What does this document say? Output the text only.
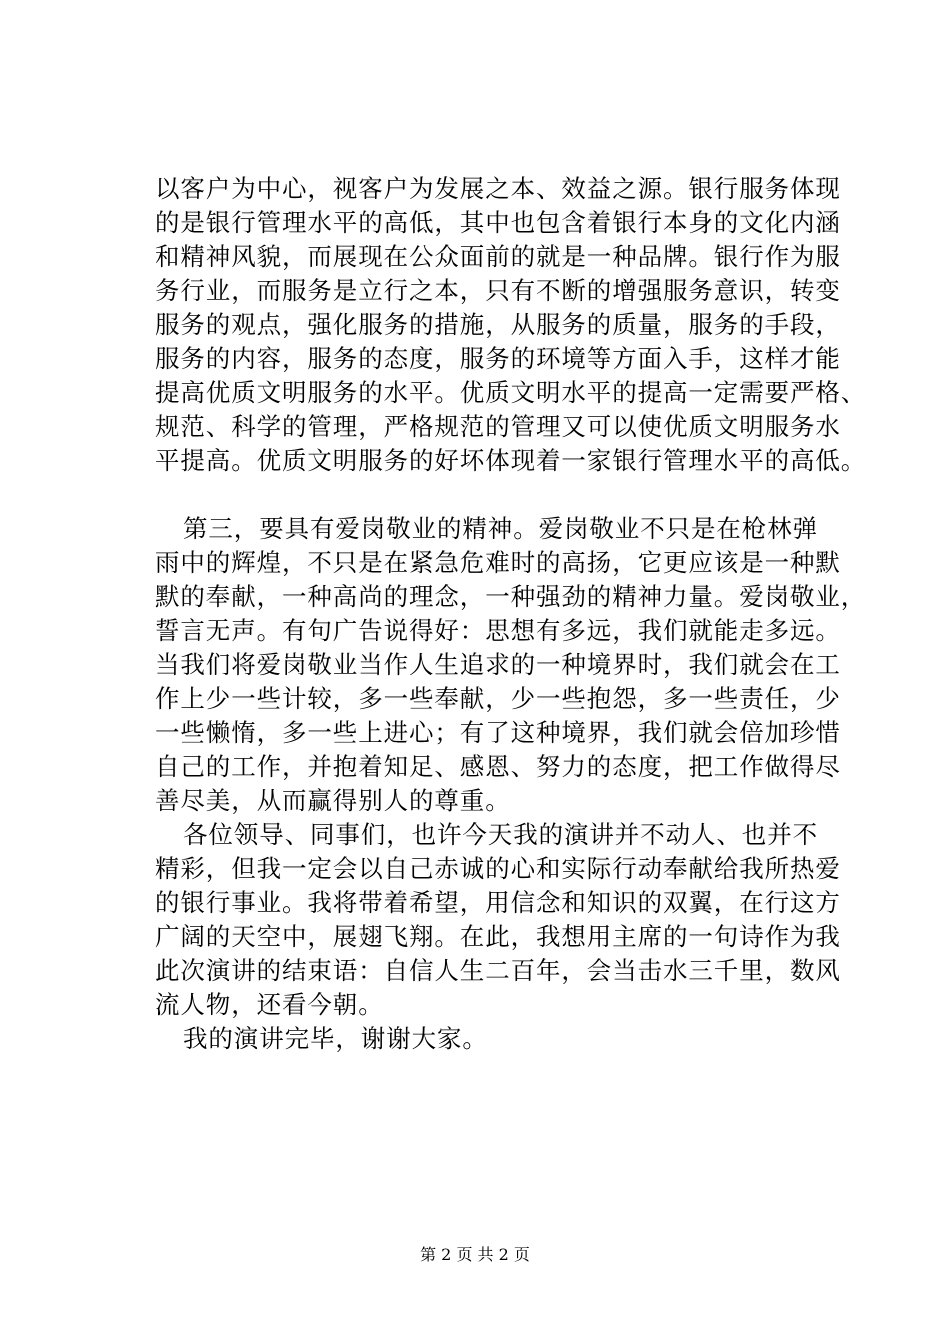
以客户为中心，视客户为发展之本、效益之源。银行服务体现
的是银行管理水平的高低，其中也包含着银行本身的文化内涵
和精神风貌，而展现在公众面前的就是一种品牌。银行作为服
务行业，而服务是立行之本，只有不断的增强服务意识，转变
服务的观点，强化服务的措施，从服务的质量，服务的手段，
服务的内容，服务的态度，服务的环境等方面入手，这样才能
提高优质文明服务的水平。优质文明水平的提高一定需要严格、
规范、科学的管理，严格规范的管理又可以使优质文明服务水
平提高。优质文明服务的好坏体现着一家银行管理水平的高低。
第三，要具有爱岗敬业的精神。爱岗敬业不只是在枪林弹
雨中的辉煌，不只是在紧急危难时的高扬，它更应该是一种默
默的奉献，一种高尚的理念，一种强劲的精神力量。爱岗敬业，
誓言无声。有句广告说得好：思想有多远，我们就能走多远。
当我们将爱岗敬业当作人生追求的一种境界时，我们就会在工
作上少一些计较，多一些奉献，少一些抱怨，多一些责任，少
一些懒惰，多一些上进心；有了这种境界，我们就会倍加珍惜
自己的工作，并抱着知足、感恩、努力的态度，把工作做得尽
善尽美，从而赢得别人的尊重。
各位领导、同事们，也许今天我的演讲并不动人、也并不
精彩，但我一定会以自己赤诚的心和实际行动奉献给我所热爱
的银行事业。我将带着希望，用信念和知识的双翼，在行这方
广阔的天空中，展翅飞翔。在此，我想用主席的一句诗作为我
此次演讲的结束语：自信人生二百年，会当击水三千里，数风
流人物，还看今朝。
我的演讲完毕，谢谢大家。
第 2 页 共 2 页
